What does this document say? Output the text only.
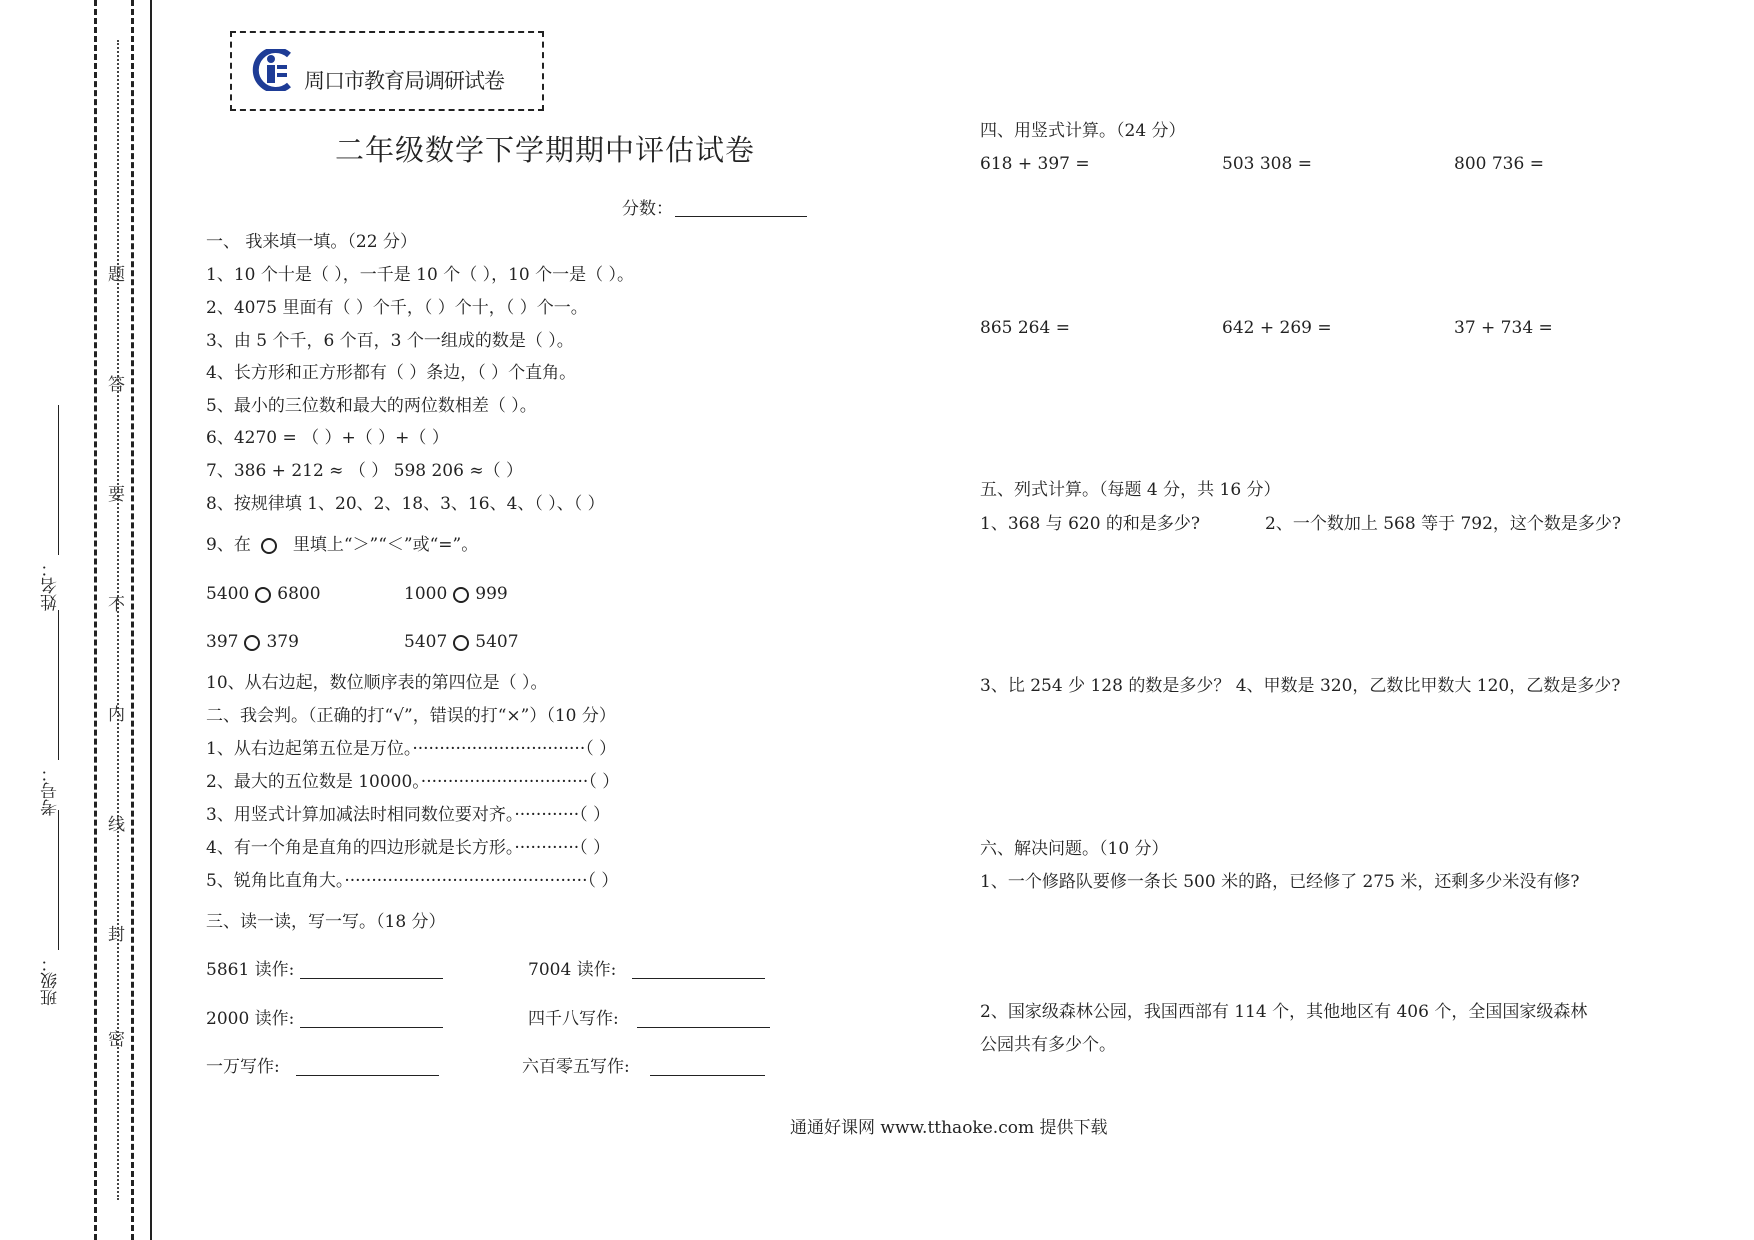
姓名：
考号：
班级：
题
答
要
不
内
线
封
密
周口市教育局调研试卷
二年级数学下学期期中评估试卷
分数：
一、 我来填一填。（22 分）
1、10 个十是（ ），一千是 10 个（ ），10 个一是（ ）。
2、4075 里面有（ ）个千，（ ）个十，（ ）个一。
3、由 5 个千，6 个百，3 个一组成的数是（ ）。
4、长方形和正方形都有（ ）条边，（ ）个直角。
5、最小的三位数和最大的两位数相差（ ）。
6、4270 = （ ）+（ ）+（ ）
7、386 + 212 ≈ （ ） 598 206 ≈（ ）
8、按规律填 1、20、2、18、3、16、4、（ ）、（ ）
9、在 里填上“＞”“＜”或“=”。
5400 6800	1000 999
397 379	5407 5407
10、从右边起，数位顺序表的第四位是（ ）。
二、我会判。（正确的打“√”，错误的打“×”）（10 分）
1、从右边起第五位是万位。································（ ）
2、最大的五位数是 10000。·······························（ ）
3、用竖式计算加减法时相同数位要对齐。············（ ）
4、有一个角是直角的四边形就是长方形。············（ ）
5、锐角比直角大。·············································（ ）
三、读一读，写一写。（18 分）
5861 读作:	7004 读作:
2000 读作:	四千八写作:
一万写作:	六百零五写作:
四、用竖式计算。（24 分）
618 + 397 =	503 308 =	800 736 =
865 264 =	642 + 269 =	37 + 734 =
五、列式计算。（每题 4 分，共 16 分）
1、368 与 620 的和是多少?	2、一个数加上 568 等于 792，这个数是多少?
3、比 254 少 128 的数是多少？ 4、甲数是 320，乙数比甲数大 120，乙数是多少?
六、解决问题。（10 分）
1、一个修路队要修一条长 500 米的路，已经修了 275 米，还剩多少米没有修?
2、国家级森林公园，我国西部有 114 个，其他地区有 406 个，全国国家级森林
公园共有多少个。
通通好课网 www.tthaoke.com 提供下载
